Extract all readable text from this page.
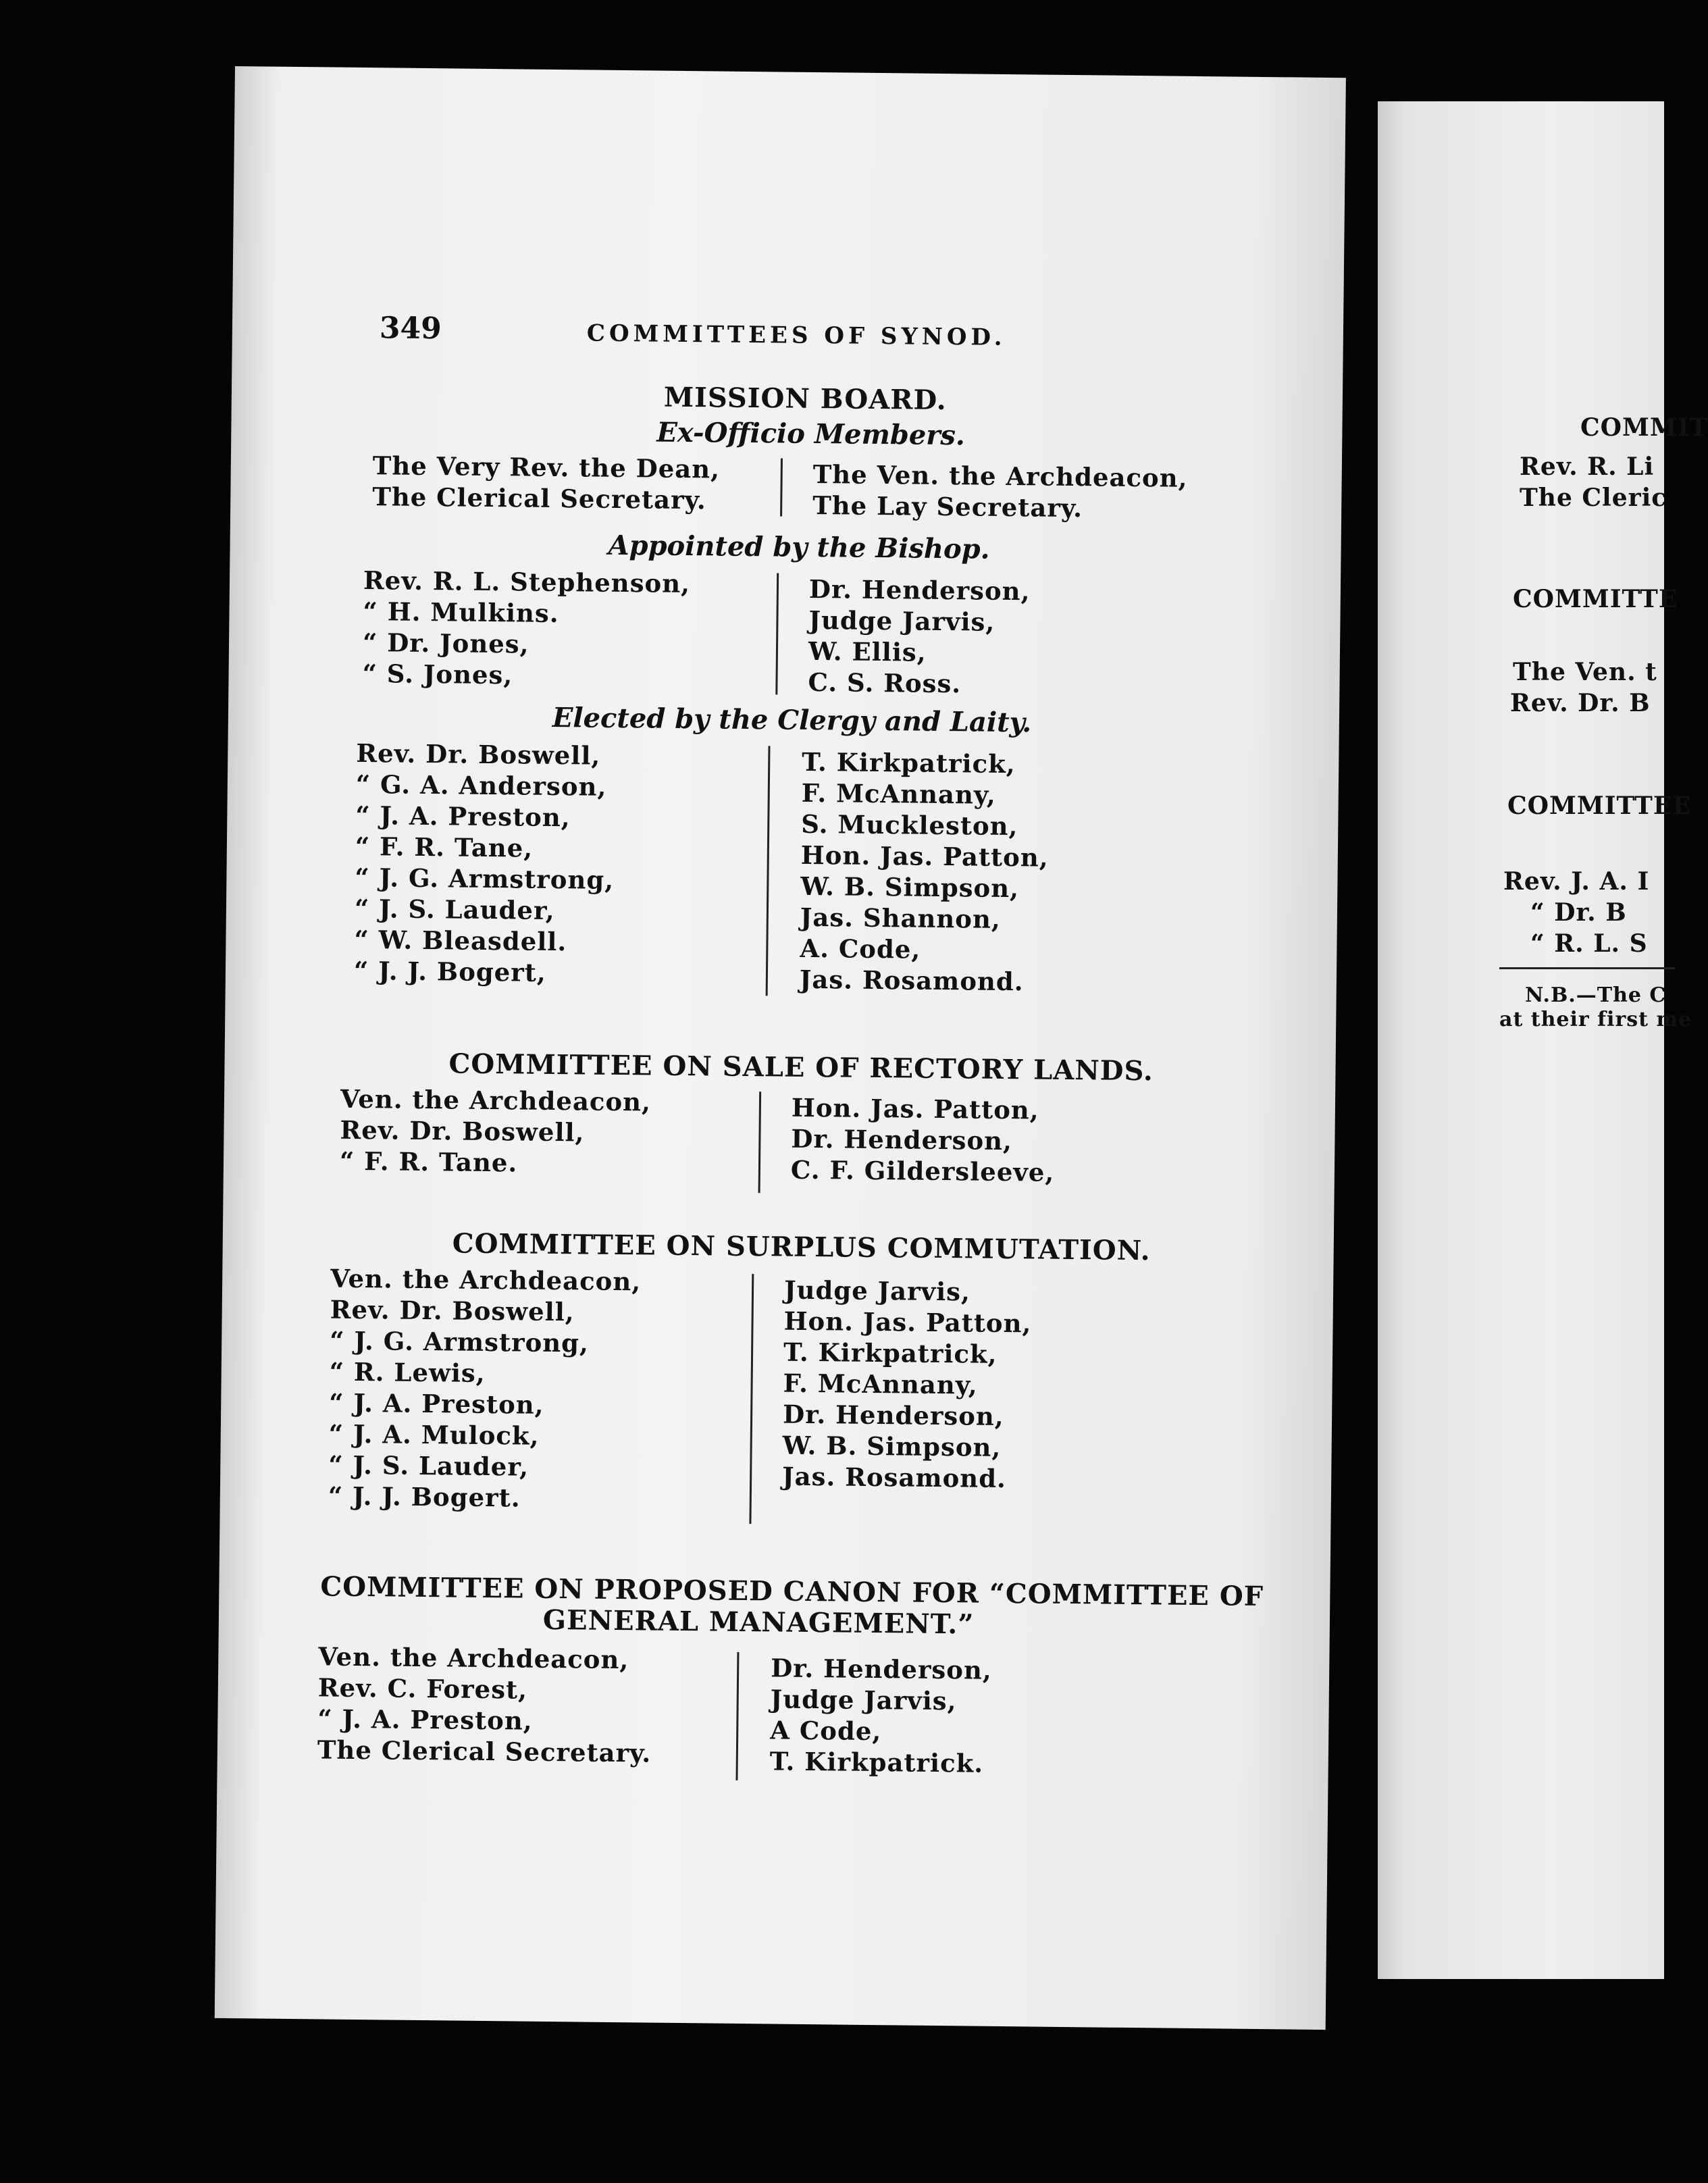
349	COMMITTEES OF SYNOD.
MISSION BOARD.
Ex-Officio Members.
The Very Rev. the Dean,
The Clerical Secretary.
The Ven. the Archdeacon,
The Lay Secretary.
Appointed by the Bishop.
Rev. R. L. Stephenson,
“ H. Mulkins.
“ Dr. Jones,
“ S. Jones,
Dr. Henderson,
Judge Jarvis,
W. Ellis,
C. S. Ross.
Elected by the Clergy and Laity.
Rev. Dr. Boswell,
“ G. A. Anderson,
“ J. A. Preston,
“ F. R. Tane,
“ J. G. Armstrong,
“ J. S. Lauder,
“ W. Bleasdell.
“ J. J. Bogert,
T. Kirkpatrick,
F. McAnnany,
S. Muckleston,
Hon. Jas. Patton,
W. B. Simpson,
Jas. Shannon,
A. Code,
Jas. Rosamond.
COMMITTEE ON SALE OF RECTORY LANDS.
Ven. the Archdeacon,
Rev. Dr. Boswell,
“ F. R. Tane.
Hon. Jas. Patton,
Dr. Henderson,
C. F. Gildersleeve,
COMMITTEE ON SURPLUS COMMUTATION.
Ven. the Archdeacon,
Rev. Dr. Boswell,
“ J. G. Armstrong,
“ R. Lewis,
“ J. A. Preston,
“ J. A. Mulock,
“ J. S. Lauder,
“ J. J. Bogert.
Judge Jarvis,
Hon. Jas. Patton,
T. Kirkpatrick,
F. McAnnany,
Dr. Henderson,
W. B. Simpson,
Jas. Rosamond.
COMMITTEE ON PROPOSED CANON FOR “COMMITTEE OF
GENERAL MANAGEMENT.”
Ven. the Archdeacon,
Rev. C. Forest,
“ J. A. Preston,
The Clerical Secretary.
Dr. Henderson,
Judge Jarvis,
A Code,
T. Kirkpatrick.
COMMIT
Rev. R. Li
The Cleric
COMMITTE
The Ven. t
Rev. Dr. B
COMMITTEE
Rev. J. A. I
“ Dr. B
“ R. L. S
N.B.—The C
at their first me
